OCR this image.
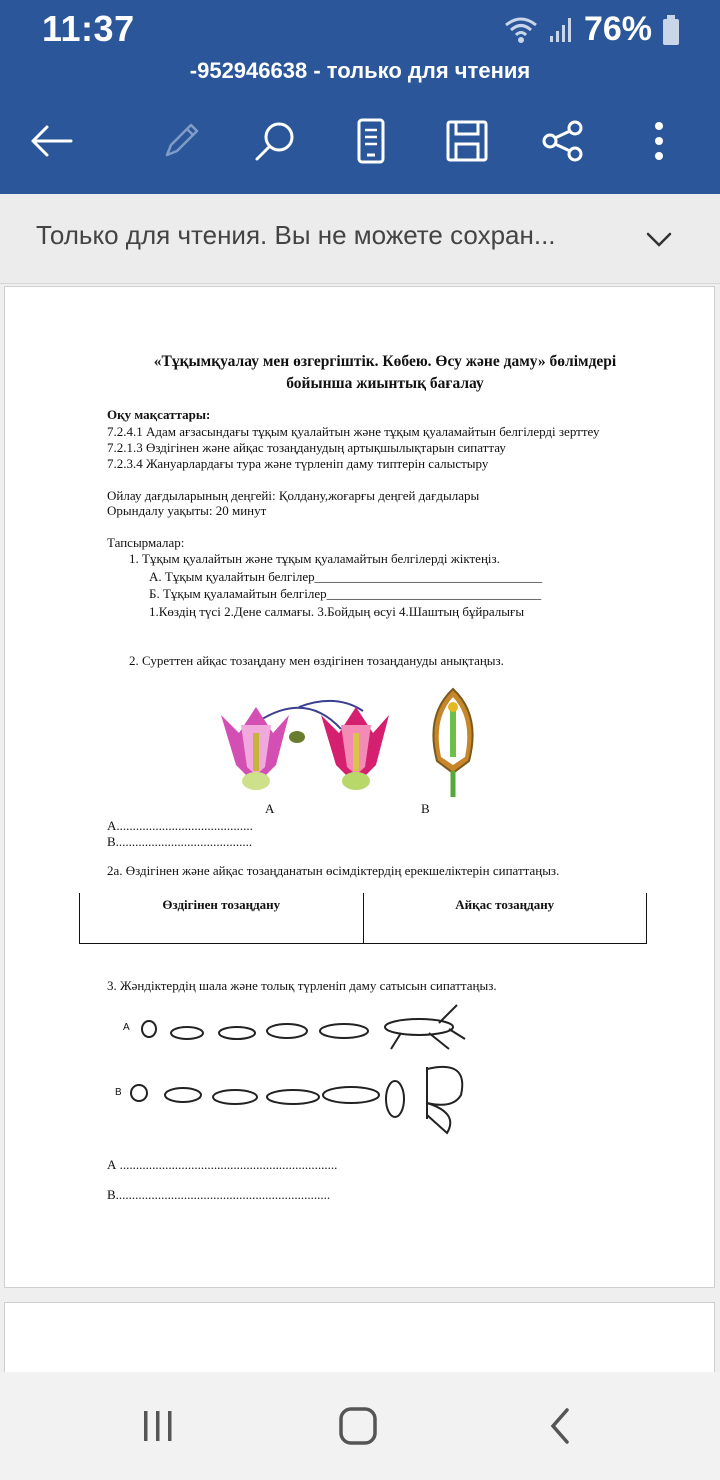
11:37	76%
-952946638 - только для чтения
Только для чтения. Вы не можете сохран...
«Тұқымқуалау мен өзгергіштік. Көбею. Өсу және даму» бөлімдері
бойынша жиынтық бағалау
Оқу мақсаттары:
7.2.4.1 Адам ағзасындағы тұқым қуалайтын және тұқым қуаламайтын белгілерді зерттеу
7.2.1.3 Өздігінен және айқас тозаңданудың артықшылықтарын сипаттау
7.2.3.4 Жануарлардағы тура және түрленіп даму типтерін салыстыру
Ойлау дағдыларының деңгейі: Қолдану,жоғарғы деңгей дағдылары
Орындалу уақыты: 20 минут
Тапсырмалар:
1. Тұқым қуалайтын және тұқым қуаламайтын белгілерді жіктеңіз.
А. Тұқым қуалайтын белгілер___________________________________
Б. Тұқым қуаламайтын белгілер_________________________________
1.Көздің түсі 2.Дене салмағы. 3.Бойдың өсуі 4.Шаштың бұйралығы
2. Суреттен айқас тозаңдану мен өздігінен тозаңдануды анықтаңыз.
А	В
А..........................................
В..........................................
2а. Өздігінен және айқас тозаңданатын өсімдіктердің ерекшеліктерін сипаттаңыз.
Өздігінен тозаңдану	Айқас тозаңдану
3. Жәндіктердің шала және толық түрленіп даму сатысын сипаттаңыз.
А
В
А ...................................................................
В..................................................................
